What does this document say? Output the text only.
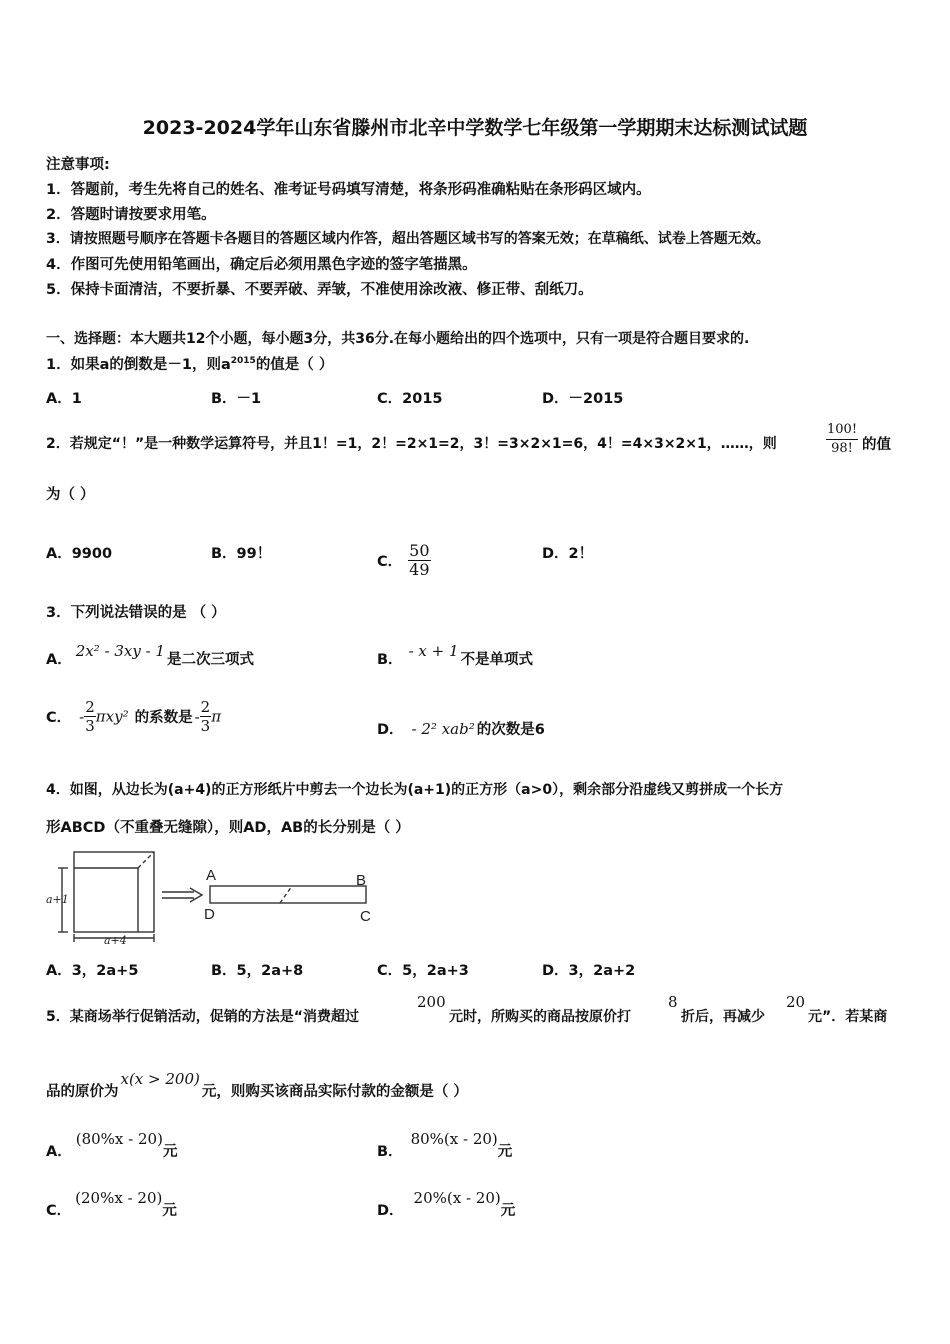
2023-2024学年山东省滕州市北辛中学数学七年级第一学期期末达标测试试题
注意事项:
1．答题前，考生先将自己的姓名、准考证号码填写清楚，将条形码准确粘贴在条形码区域内。
2．答题时请按要求用笔。
3．请按照题号顺序在答题卡各题目的答题区域内作答，超出答题区域书写的答案无效；在草稿纸、试卷上答题无效。
4．作图可先使用铅笔画出，确定后必须用黑色字迹的签字笔描黑。
5．保持卡面清洁，不要折暴、不要弄破、弄皱，不准使用涂改液、修正带、刮纸刀。
一、选择题：本大题共12个小题，每小题3分，共36分.在每小题给出的四个选项中，只有一项是符合题目要求的.
1．如果a的倒数是－1，则$a^{2015}$的值是（ ）
A．1	B．－1	C．2015	D．－2015
2．若规定“！”是一种数学运算符号，并且1！=1，2！=2×1=2，3！=3×2×1=6，4！=4×3×2×1，……，则	$\frac{100!}{98!}$ 的值
为（ ）
A．9900	B．99！	C． $\frac{50}{49}$	D．2！
3．下列说法错误的是 （ ）
A． 2x² - 3xy - 1 是二次三项式	B． - x + 1 不是单项式
C． - $\frac{2}{3} \pi xy^2$ 的系数是 - $\frac{2}{3}$ π
D． - 2² xab² 的次数是6
4．如图，从边长为(a+4)的正方形纸片中剪去一个边长为(a+1)的正方形（a>0），剩余部分沿虚线又剪拼成一个长方
形ABCD（不重叠无缝隙），则AD，AB的长分别是（ ）
a+1
a+4
A	B
C
D
A．3，2a+5	B．5，2a+8	C．5，2a+3	D．3，2a+2
5．某商场举行促销活动，促销的方法是“消费超过
200
元时，所购买的商品按原价打
8
折后，再减少
20
元”．若某商
品的原价为x(x > 200)元，则购买该商品实际付款的金额是（ ）
A．(80%x - 20)元	B．80%(x - 20)元
C．(20%x - 20)元	D．20%(x - 20)元
